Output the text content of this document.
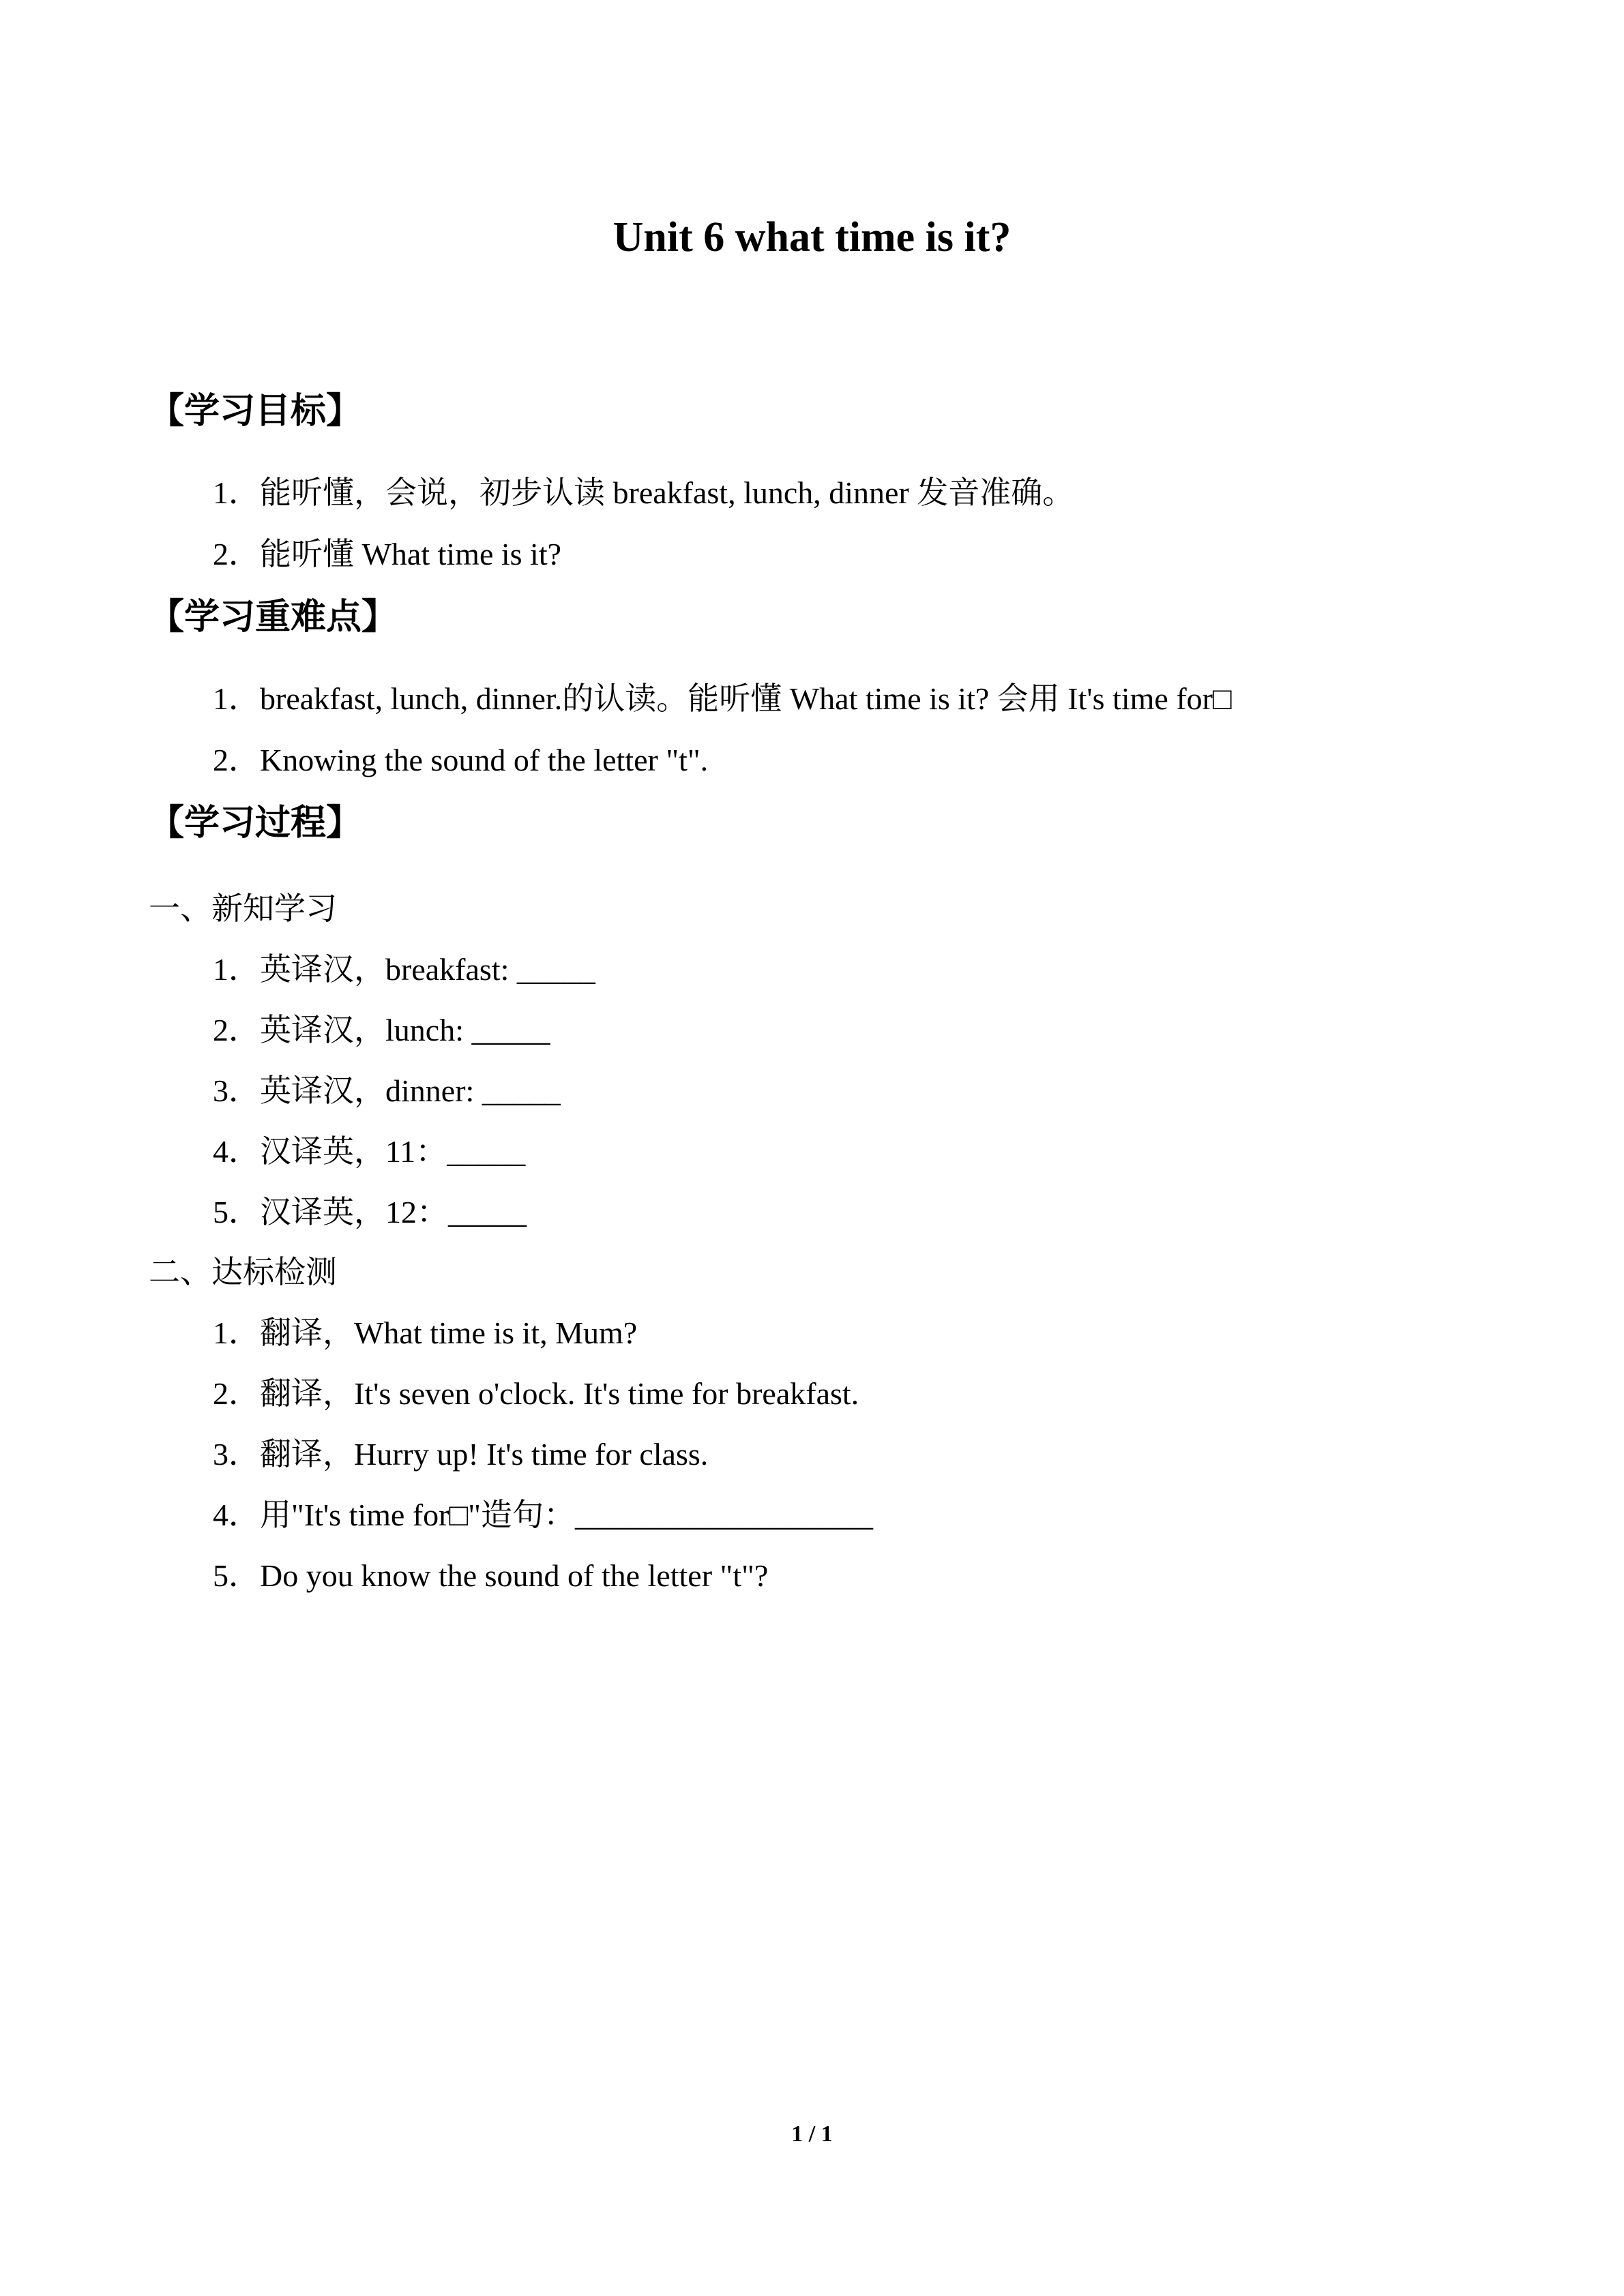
Unit 6 what time is it?
【学习目标】
1．能听懂，会说，初步认读 breakfast, lunch, dinner 发音准确。
2．能听懂 What time is it?
【学习重难点】
1．breakfast, lunch, dinner.的认读。能听懂 What time is it? 会用 It's time for□
2．Knowing the sound of the letter "t".
【学习过程】
一、新知学习
1．英译汉，breakfast: _____
2．英译汉，lunch: _____
3．英译汉，dinner: _____
4．汉译英，11：_____
5．汉译英，12：_____
二、达标检测
1．翻译，What time is it, Mum?
2．翻译，It's seven o'clock. It's time for breakfast.
3．翻译，Hurry up! It's time for class.
4．用"It's time for□"造句：___________________
5．Do you know the sound of the letter "t"?
1 / 1
